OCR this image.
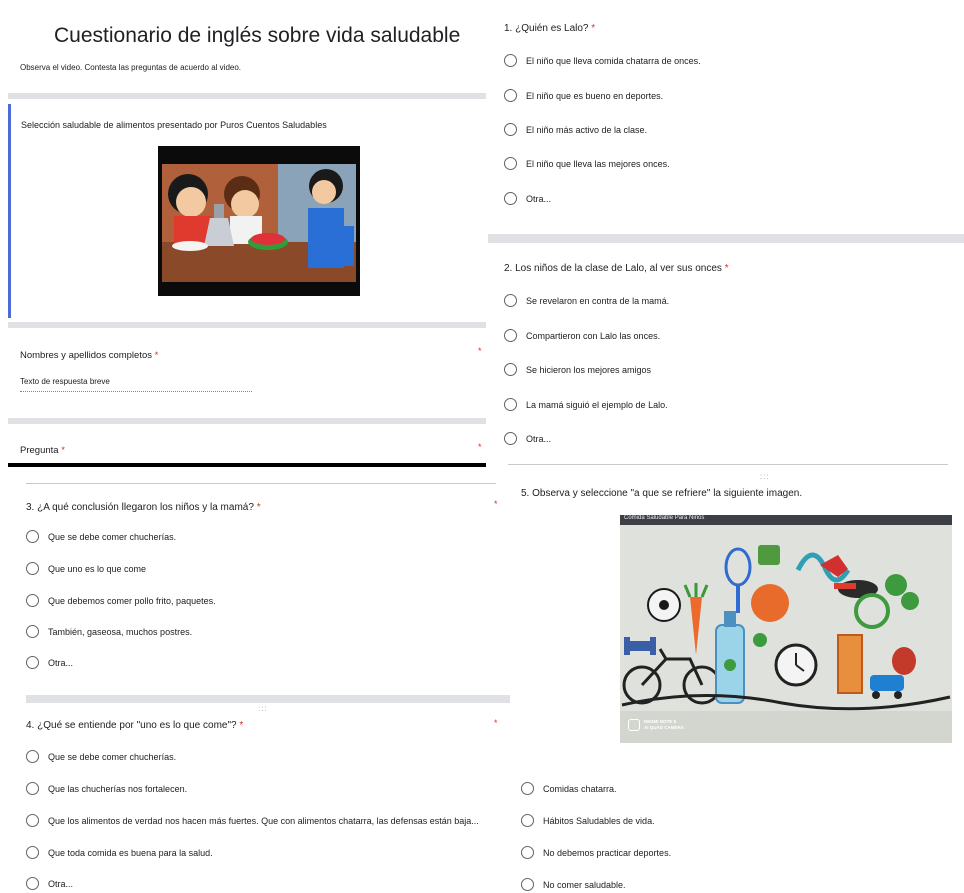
Cuestionario de inglés sobre vida saludable
Observa el video. Contesta las preguntas de acuerdo al video.
Selección saludable de alimentos presentado por Puros Cuentos Saludables
Nombres y apellidos completos *	*
Texto de respuesta breve
Pregunta *	*
1. ¿Quién es Lalo? *
El niño que lleva comida chatarra de onces.
El niño que es bueno en deportes.
El niño más activo de la clase.
El niño que lleva las mejores onces.
Otra...
2. Los niños de la clase de Lalo, al ver sus onces *
Se revelaron en contra de la mamá.
Compartieron con Lalo las onces.
Se hicieron los mejores amigos
La mamá siguió el ejemplo de Lalo.
Otra...
3. ¿A qué conclusión llegaron los niños y la mamá? *	*
Que se debe comer chucherías.
Que uno es lo que come
Que debemos comer pollo frito, paquetes.
También, gaseosa, muchos postres.
Otra...
:::
4. ¿Qué se entiende por "uno es lo que come"? *	*
Que se debe comer chucherías.
Que las chucherías nos fortalecen.
Que los alimentos de verdad nos hacen más fuertes. Que con alimentos chatarra, las defensas están baja...
Que toda comida es buena para la salud.
Otra...
:::
5. Observa y seleccione "a que se refriere" la siguiente imagen.
Comida Saludable Para Niños
REDMI NOTE 8
AI QUAD CAMERA
Comidas chatarra.
Hábitos Saludables de vida.
No debemos practicar deportes.
No comer saludable.
